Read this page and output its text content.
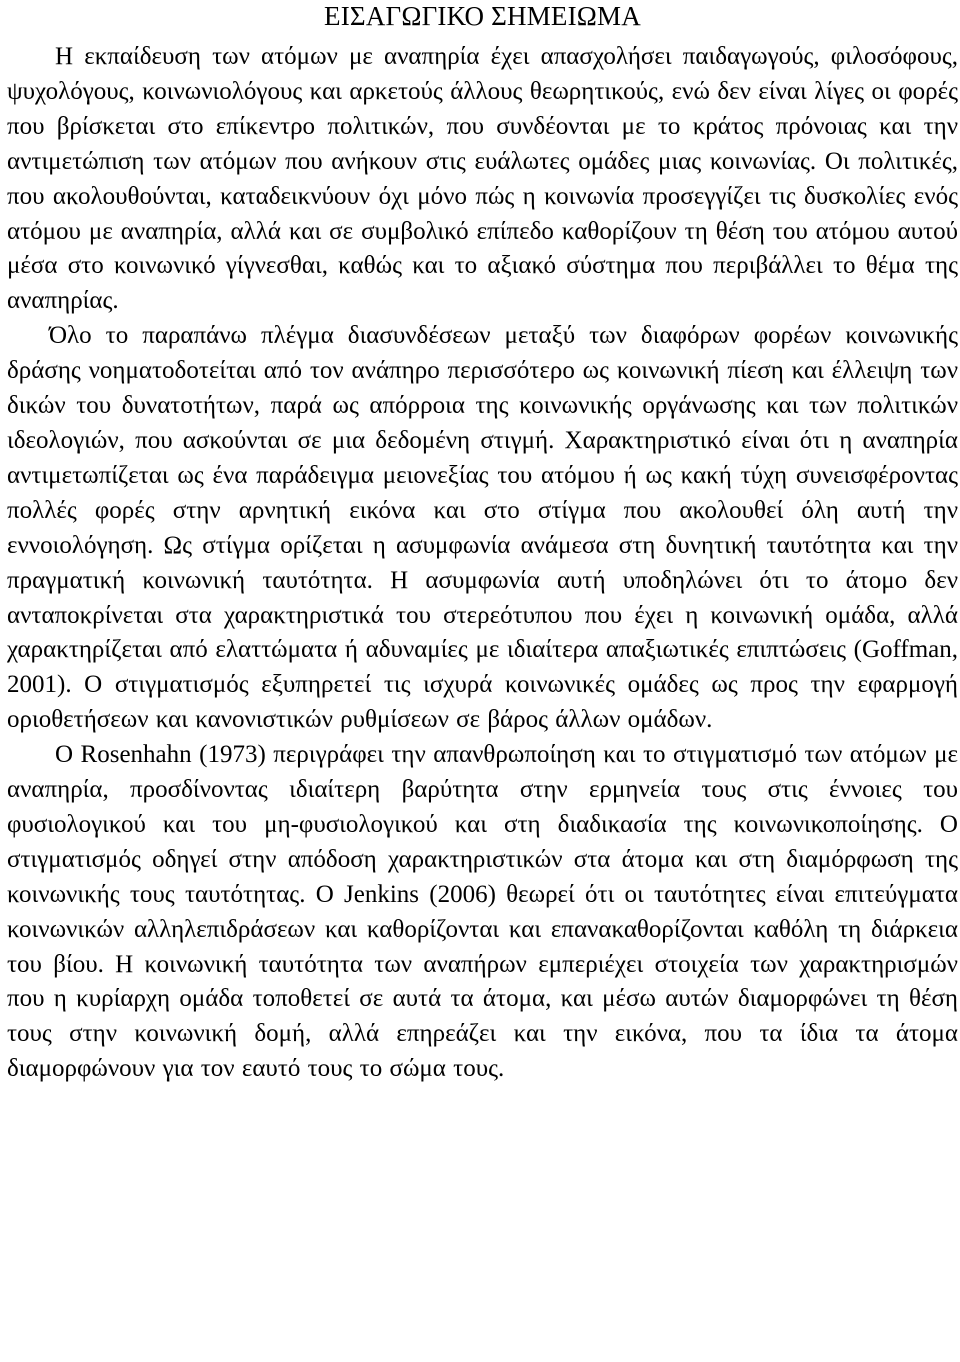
ΕΙΣΑΓΩΓΙΚΟ ΣΗΜΕΙΩΜΑ

Η εκπαίδευση των ατόμων με αναπηρία έχει απασχολήσει παιδαγωγούς, φιλοσόφους, ψυχολόγους, κοινωνιολόγους και αρκετούς άλλους θεωρητικούς, ενώ δεν είναι λίγες οι φορές που βρίσκεται στο επίκεντρο πολιτικών, που συνδέονται με το κράτος πρόνοιας και την αντιμετώπιση των ατόμων που ανήκουν στις ευάλωτες ομάδες μιας κοινωνίας. Οι πολιτικές, που ακολουθούνται, καταδεικνύουν όχι μόνο πώς η κοινωνία προσεγγίζει τις δυσκολίες ενός ατόμου με αναπηρία, αλλά και σε συμβολικό επίπεδο καθορίζουν τη θέση του ατόμου αυτού μέσα στο κοινωνικό γίγνεσθαι, καθώς και το αξιακό σύστημα που περιβάλλει το θέμα της αναπηρίας.

Όλο το παραπάνω πλέγμα διασυνδέσεων μεταξύ των διαφόρων φορέων κοινωνικής δράσης νοηματοδοτείται από τον ανάπηρο περισσότερο ως κοινωνική πίεση και έλλειψη των δικών του δυνατοτήτων, παρά ως απόρροια της κοινωνικής οργάνωσης και των πολιτικών ιδεολογιών, που ασκούνται σε μια δεδομένη στιγμή. Χαρακτηριστικό είναι ότι η αναπηρία αντιμετωπίζεται ως ένα παράδειγμα μειονεξίας του ατόμου ή ως κακή τύχη συνεισφέροντας πολλές φορές στην αρνητική εικόνα και στο στίγμα που ακολουθεί όλη αυτή την εννοιολόγηση. Ως στίγμα ορίζεται η ασυμφωνία ανάμεσα στη δυνητική ταυτότητα και την πραγματική κοινωνική ταυτότητα. Η ασυμφωνία αυτή υποδηλώνει ότι το άτομο δεν ανταποκρίνεται στα χαρακτηριστικά του στερεότυπου που έχει η κοινωνική ομάδα, αλλά χαρακτηρίζεται από ελαττώματα ή αδυναμίες με ιδιαίτερα απαξιωτικές επιπτώσεις (Goffman, 2001). Ο στιγματισμός εξυπηρετεί τις ισχυρά κοινωνικές ομάδες ως προς την εφαρμογή οριοθετήσεων και κανονιστικών ρυθμίσεων σε βάρος άλλων ομάδων.

Ο Rosenhahn (1973) περιγράφει την απανθρωποίηση και το στιγματισμό των ατόμων με αναπηρία, προσδίνοντας ιδιαίτερη βαρύτητα στην ερμηνεία τους στις έννοιες του φυσιολογικού και του μη-φυσιολογικού και στη διαδικασία της κοινωνικοποίησης. Ο στιγματισμός οδηγεί στην απόδοση χαρακτηριστικών στα άτομα και στη διαμόρφωση της κοινωνικής τους ταυτότητας. Ο Jenkins (2006) θεωρεί ότι οι ταυτότητες είναι επιτεύγματα κοινωνικών αλληλεπιδράσεων και καθορίζονται και επανακαθορίζονται καθόλη τη διάρκεια του βίου. Η κοινωνική ταυτότητα των αναπήρων εμπεριέχει στοιχεία των χαρακτηρισμών που η κυρίαρχη ομάδα τοποθετεί σε αυτά τα άτομα, και μέσω αυτών διαμορφώνει τη θέση τους στην κοινωνική δομή, αλλά επηρεάζει και την εικόνα, που τα ίδια τα άτομα διαμορφώνουν για τον εαυτό τους το σώμα τους.
